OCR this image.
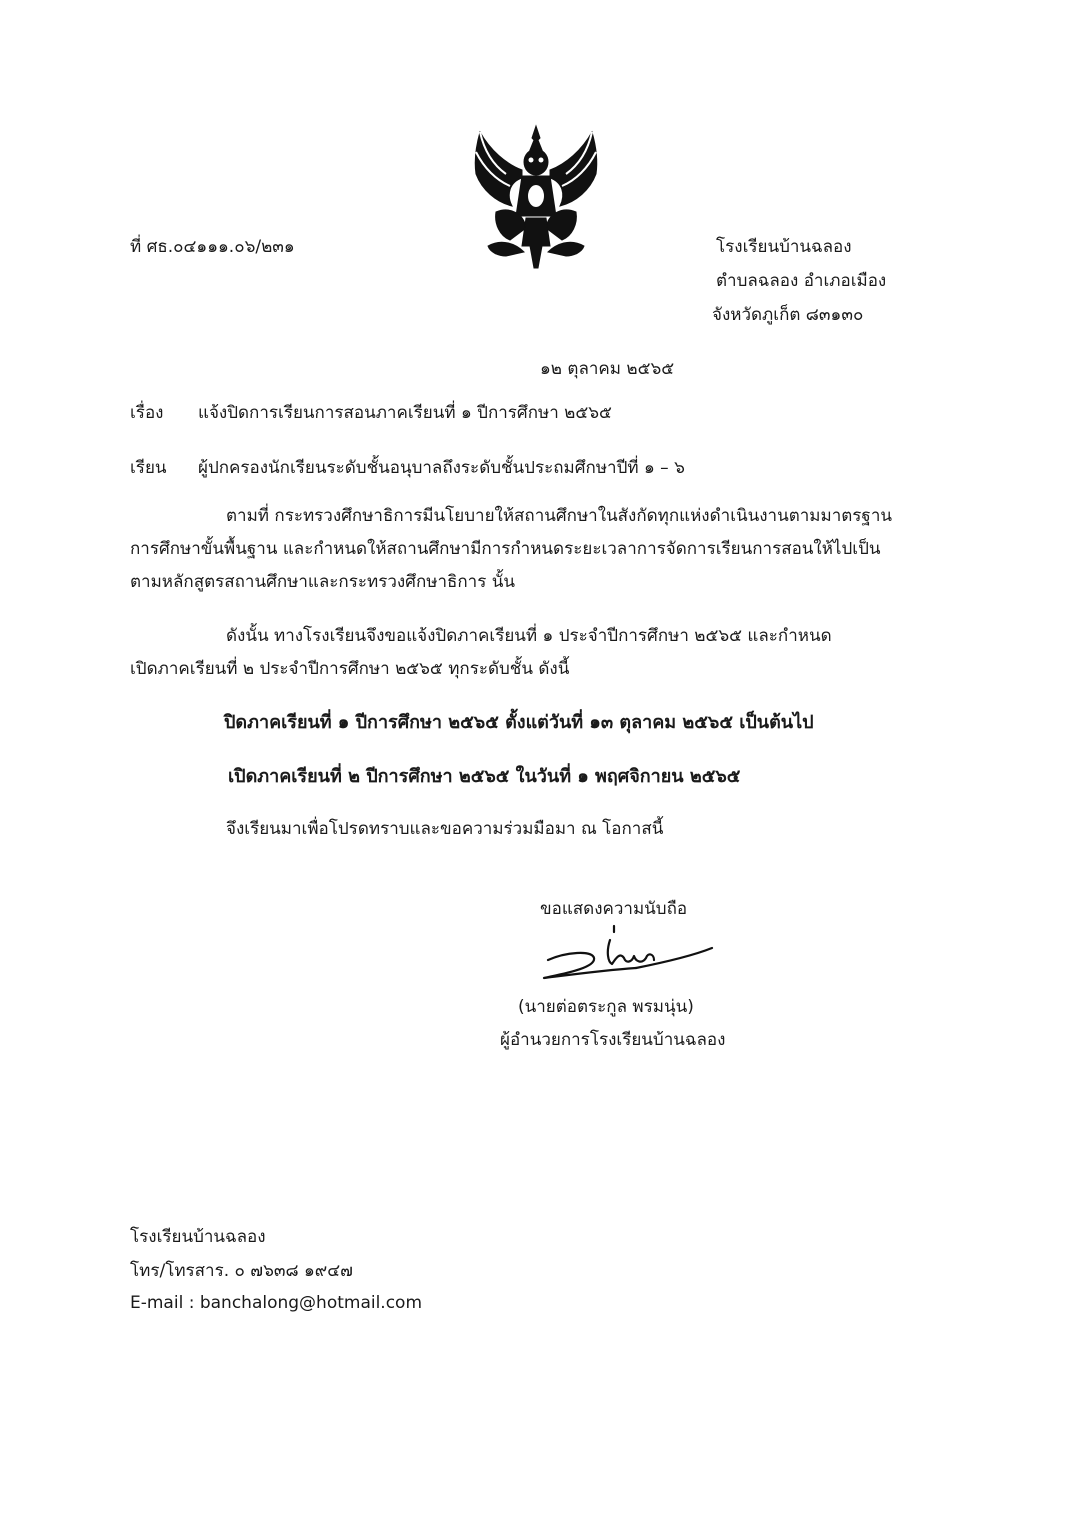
ที่ ศธ.๐๔๑๑๑.๐๖/๒๓๑	โรงเรียนบ้านฉลอง
ตำบลฉลอง อำเภอเมือง
จังหวัดภูเก็ต ๘๓๑๓๐
๑๒ ตุลาคม ๒๕๖๕
เรื่อง แจ้งปิดการเรียนการสอนภาคเรียนที่ ๑ ปีการศึกษา ๒๕๖๕
เรียน ผู้ปกครองนักเรียนระดับชั้นอนุบาลถึงระดับชั้นประถมศึกษาปีที่ ๑ – ๖
ตามที่ กระทรวงศึกษาธิการมีนโยบายให้สถานศึกษาในสังกัดทุกแห่งดำเนินงานตามมาตรฐาน
การศึกษาขั้นพื้นฐาน และกำหนดให้สถานศึกษามีการกำหนดระยะเวลาการจัดการเรียนการสอนให้ไปเป็น
ตามหลักสูตรสถานศึกษาและกระทรวงศึกษาธิการ นั้น
ดังนั้น ทางโรงเรียนจึงขอแจ้งปิดภาคเรียนที่ ๑ ประจำปีการศึกษา ๒๕๖๕ และกำหนด
เปิดภาคเรียนที่ ๒ ประจำปีการศึกษา ๒๕๖๕ ทุกระดับชั้น ดังนี้
ปิดภาคเรียนที่ ๑ ปีการศึกษา ๒๕๖๕ ตั้งแต่วันที่ ๑๓ ตุลาคม ๒๕๖๕ เป็นต้นไป
เปิดภาคเรียนที่ ๒ ปีการศึกษา ๒๕๖๕ ในวันที่ ๑ พฤศจิกายน ๒๕๖๕
จึงเรียนมาเพื่อโปรดทราบและขอความร่วมมือมา ณ โอกาสนี้
ขอแสดงความนับถือ
(นายต่อตระกูล พรมนุ่น)
ผู้อำนวยการโรงเรียนบ้านฉลอง
โรงเรียนบ้านฉลอง
โทร/โทรสาร. ๐ ๗๖๓๘ ๑๙๔๗
E-mail : banchalong@hotmail.com
